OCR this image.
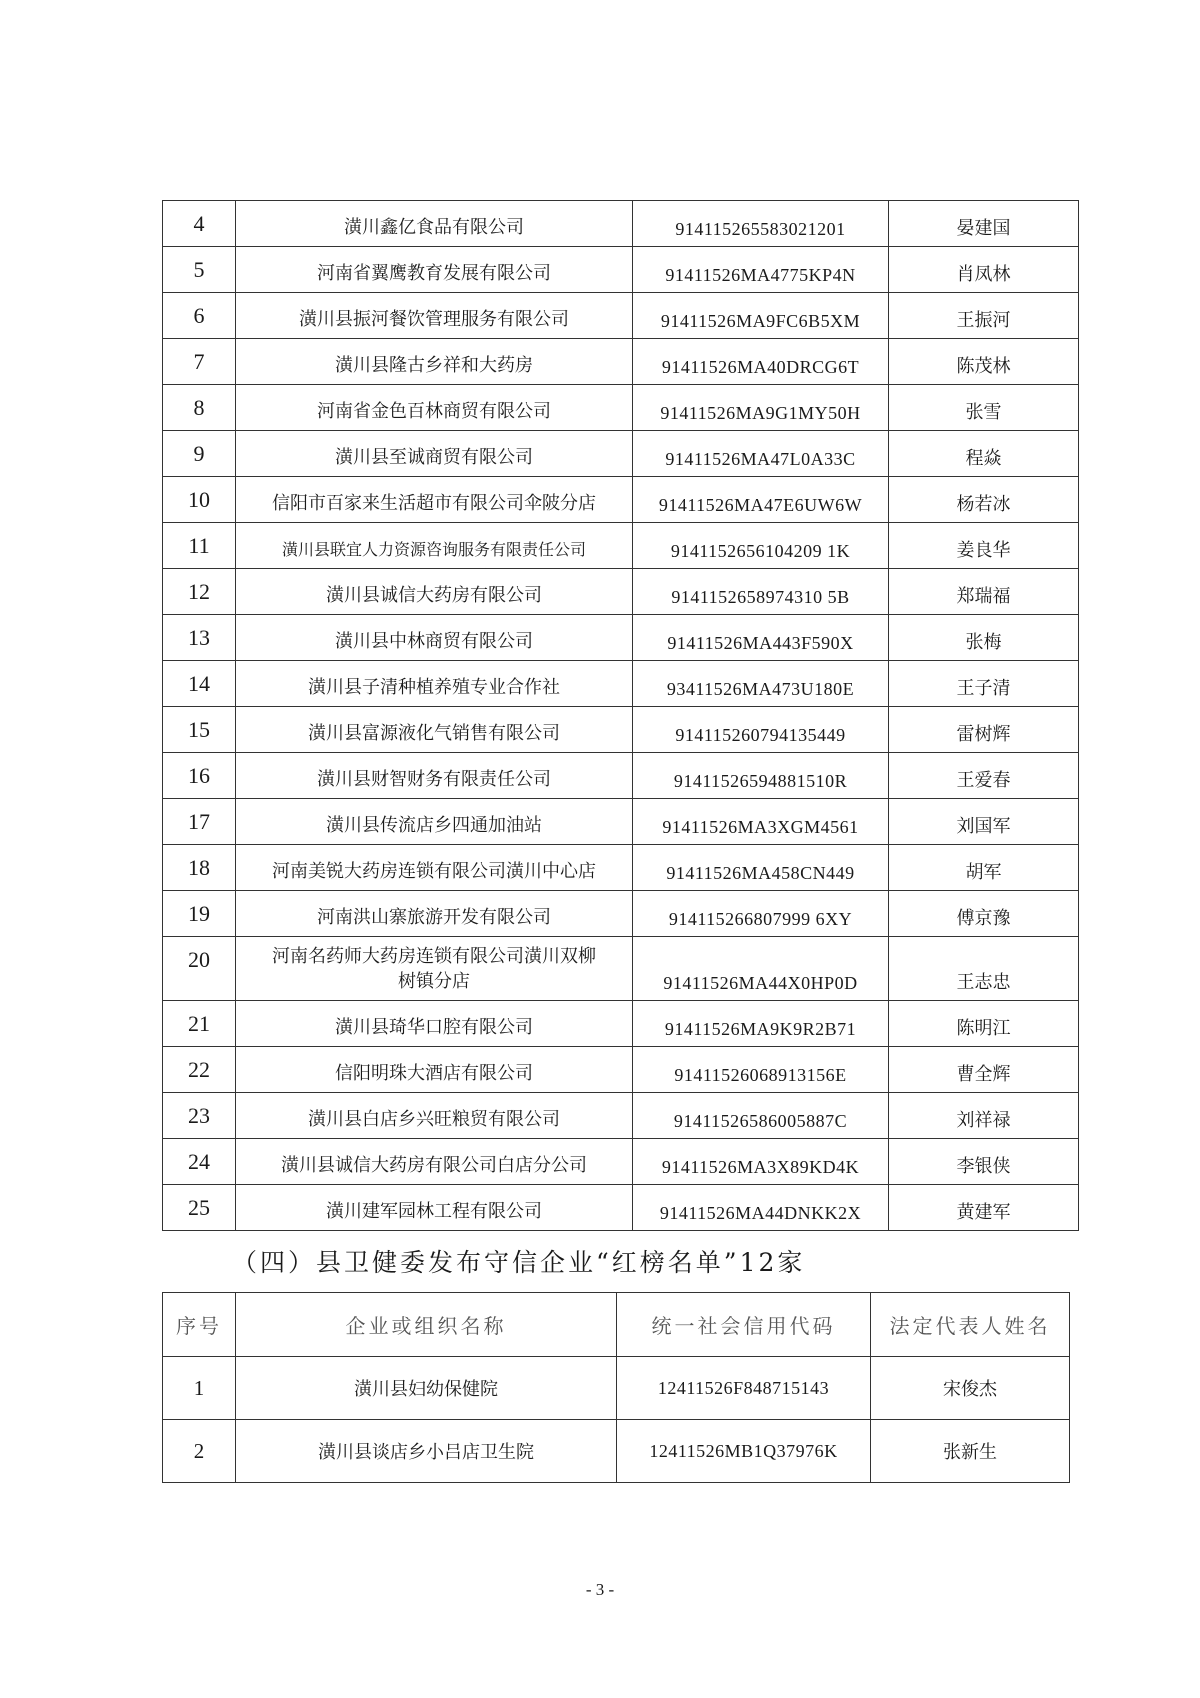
4	潢川鑫亿食品有限公司	914115265583021201	晏建国
5	河南省翼鹰教育发展有限公司	91411526MA4775KP4N	肖凤林
6	潢川县振河餐饮管理服务有限公司	91411526MA9FC6B5XM	王振河
7	潢川县隆古乡祥和大药房	91411526MA40DRCG6T	陈茂林
8	河南省金色百林商贸有限公司	91411526MA9G1MY50H	张雪
9	潢川县至诚商贸有限公司	91411526MA47L0A33C	程焱
10	信阳市百家来生活超市有限公司伞陂分店	91411526MA47E6UW6W	杨若冰
11	潢川县联宜人力资源咨询服务有限责任公司	9141152656104209 1K	姜良华
12	潢川县诚信大药房有限公司	9141152658974310 5B	郑瑞福
13	潢川县中林商贸有限公司	91411526MA443F590X	张梅
14	潢川县子清种植养殖专业合作社	93411526MA473U180E	王子清
15	潢川县富源液化气销售有限公司	914115260794135449	雷树辉
16	潢川县财智财务有限责任公司	91411526594881510R	王爱春
17	潢川县传流店乡四通加油站	91411526MA3XGM4561	刘国军
18	河南美锐大药房连锁有限公司潢川中心店	91411526MA458CN449	胡军
19	河南洪山寨旅游开发有限公司	914115266807999 6XY	傅京豫
20	河南名药师大药房连锁有限公司潢川双柳
树镇分店	91411526MA44X0HP0D	王志忠
21	潢川县琦华口腔有限公司	91411526MA9K9R2B71	陈明江
22	信阳明珠大酒店有限公司	91411526068913156E	曹全辉
23	潢川县白店乡兴旺粮贸有限公司	91411526586005887C	刘祥禄
24	潢川县诚信大药房有限公司白店分公司	91411526MA3X89KD4K	李银侠
25	潢川建军园林工程有限公司	91411526MA44DNKK2X	黄建军
（四）县卫健委发布守信企业“红榜名单”12家
序号	企业或组织名称	统一社会信用代码	法定代表人姓名
1	潢川县妇幼保健院	12411526F848715143	宋俊杰
2	潢川县谈店乡小吕店卫生院	12411526MB1Q37976K	张新生
- 3 -
